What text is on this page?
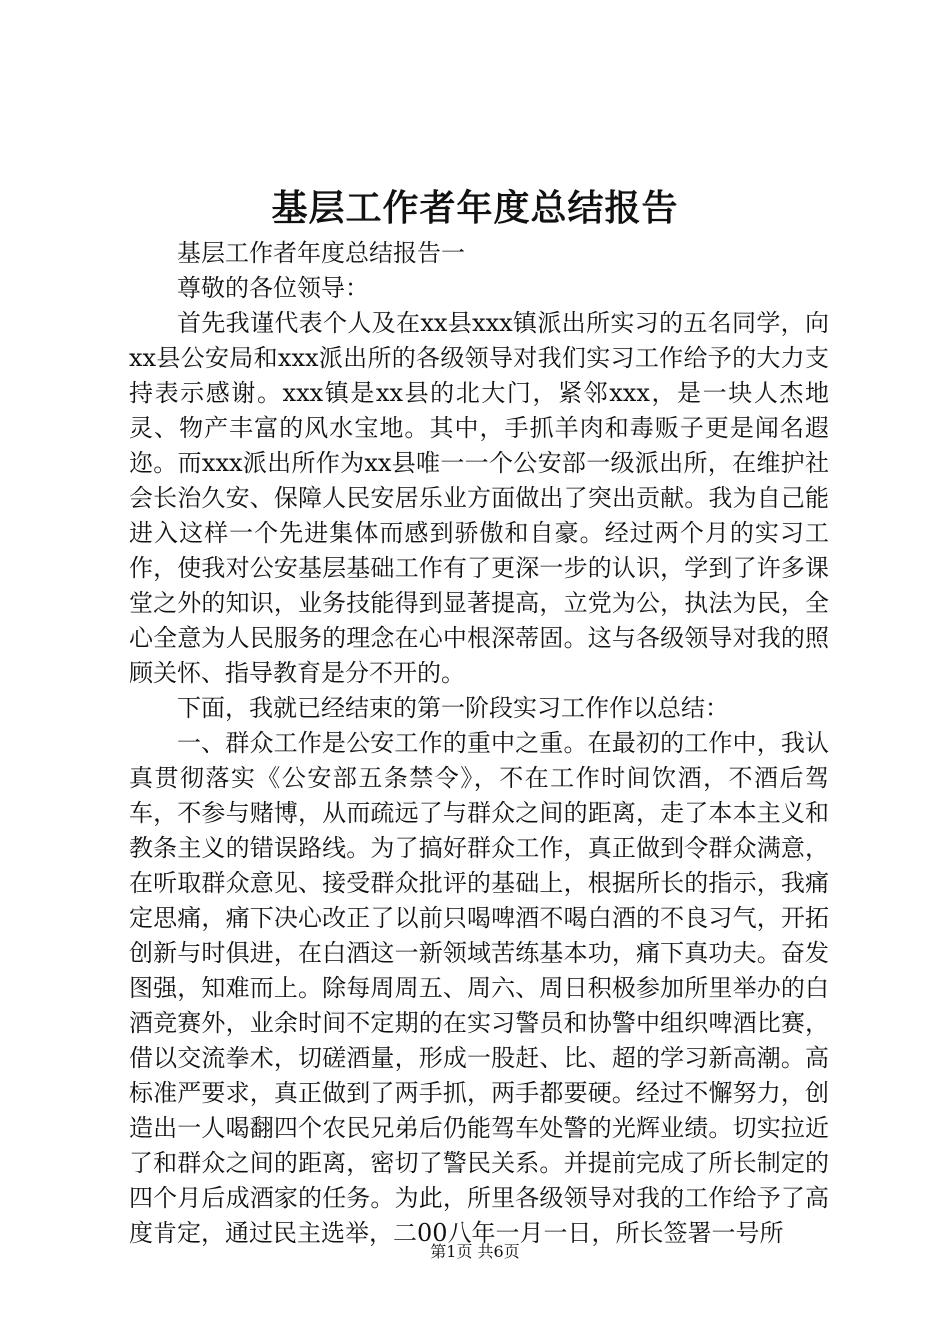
基层工作者年度总结报告

基层工作者年度总结报告一

尊敬的各位领导：

首先我谨代表个人及在xx县xxx镇派出所实习的五名同学，向xx县公安局和xxx派出所的各级领导对我们实习工作给予的大力支持表示感谢。xxx镇是xx县的北大门，紧邻xxx，是一块人杰地灵、物产丰富的风水宝地。其中，手抓羊肉和毒贩子更是闻名遐迩。而xxx派出所作为xx县唯一一个公安部一级派出所，在维护社会长治久安、保障人民安居乐业方面做出了突出贡献。我为自己能进入这样一个先进集体而感到骄傲和自豪。经过两个月的实习工作，使我对公安基层基础工作有了更深一步的认识，学到了许多课堂之外的知识，业务技能得到显著提高，立党为公，执法为民，全心全意为人民服务的理念在心中根深蒂固。这与各级领导对我的照顾关怀、指导教育是分不开的。

下面，我就已经结束的第一阶段实习工作作以总结：

一、群众工作是公安工作的重中之重。在最初的工作中，我认真贯彻落实《公安部五条禁令》，不在工作时间饮酒，不酒后驾车，不参与赌博，从而疏远了与群众之间的距离，走了本本主义和教条主义的错误路线。为了搞好群众工作，真正做到令群众满意，在听取群众意见、接受群众批评的基础上，根据所长的指示，我痛定思痛，痛下决心改正了以前只喝啤酒不喝白酒的不良习气，开拓创新与时俱进，在白酒这一新领域苦练基本功，痛下真功夫。奋发图强，知难而上。除每周周五、周六、周日积极参加所里举办的白酒竞赛外，业余时间不定期的在实习警员和协警中组织啤酒比赛，借以交流拳术，切磋酒量，形成一股赶、比、超的学习新高潮。高标准严要求，真正做到了两手抓，两手都要硬。经过不懈努力，创造出一人喝翻四个农民兄弟后仍能驾车处警的光辉业绩。切实拉近了和群众之间的距离，密切了警民关系。并提前完成了所长制定的四个月后成酒家的任务。为此，所里各级领导对我的工作给予了高度肯定，通过民主选举，二00八年一月一日，所长签署一号所

第1页 共6页
